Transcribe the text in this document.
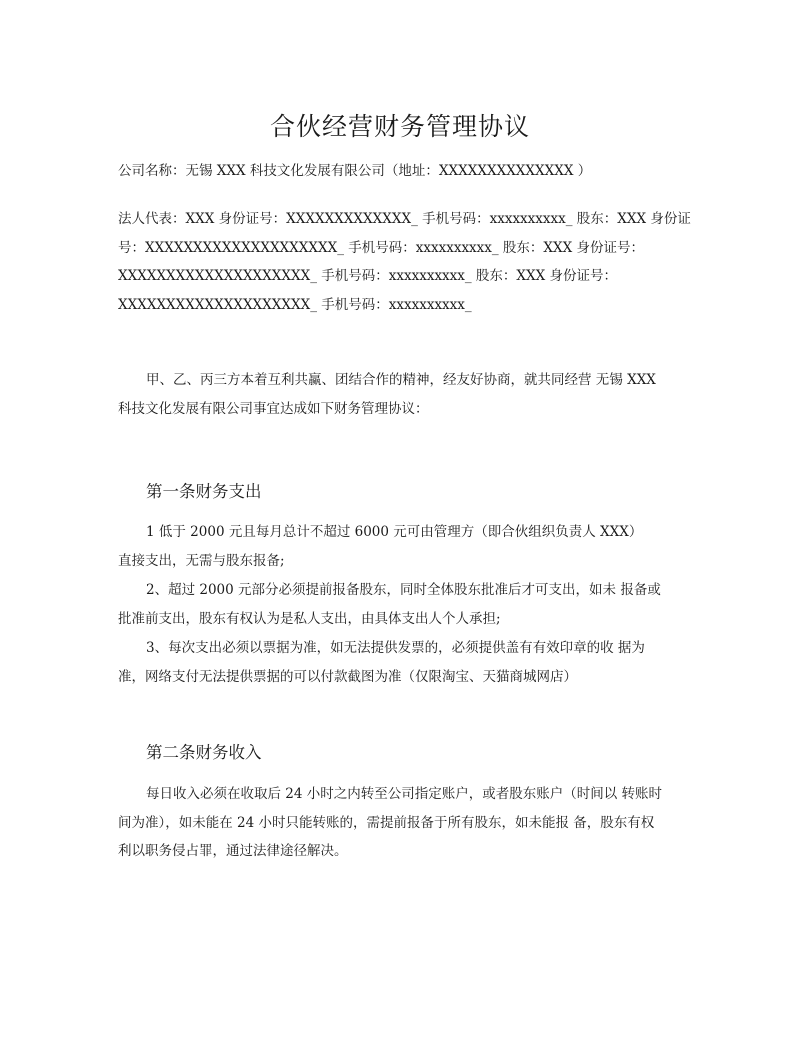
合伙经营财务管理协议
公司名称：无锡 XXX 科技文化发展有限公司（地址：XXXXXXXXXXXXXX ）
法人代表：XXX 身份证号：XXXXXXXXXXXXX_ 手机号码：xxxxxxxxxx_ 股东：XXX 身份证
号：XXXXXXXXXXXXXXXXXXXX_ 手机号码：xxxxxxxxxx_ 股东：XXX 身份证号：
XXXXXXXXXXXXXXXXXXXX_ 手机号码：xxxxxxxxxx_ 股东：XXX 身份证号：
XXXXXXXXXXXXXXXXXXXX_ 手机号码：xxxxxxxxxx_
甲、乙、丙三方本着互利共赢、团结合作的精神，经友好协商，就共同经营 无锡 XXX
科技文化发展有限公司事宜达成如下财务管理协议：
第一条财务支出
1 低于 2000 元且每月总计不超过 6000 元可由管理方（即合伙组织负责人 XXX）
直接支出，无需与股东报备;
2、超过 2000 元部分必须提前报备股东，同时全体股东批准后才可支出，如未 报备或
批准前支出，股东有权认为是私人支出，由具体支出人个人承担;
3、每次支出必须以票据为准，如无法提供发票的，必须提供盖有有效印章的收 据为
准，网络支付无法提供票据的可以付款截图为准（仅限淘宝、天猫商城网店）
第二条财务收入
每日收入必须在收取后 24 小时之内转至公司指定账户，或者股东账户（时间以 转账时
间为准），如未能在 24 小时只能转账的，需提前报备于所有股东，如未能报 备，股东有权
利以职务侵占罪，通过法律途径解决。
